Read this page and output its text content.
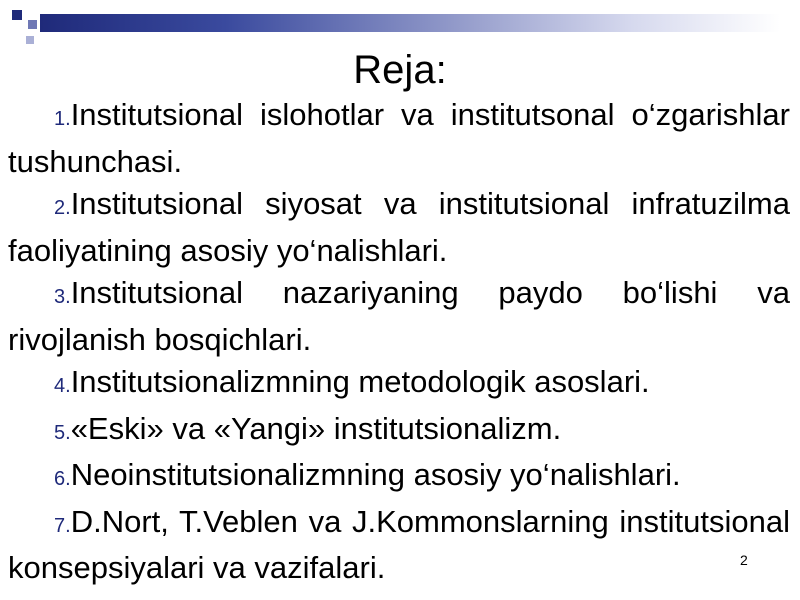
Reja:
1.Institutsional islohotlar va institutsonal o‘zgarishlar tushunchasi.
2.Institutsional siyosat va institutsional infratuzilma faoliyatining asosiy yo‘nalishlari.
3.Institutsional nazariyaning paydo bo‘lishi va rivojlanish bosqichlari.
4.Institutsionalizmning metodologik asoslari.
5.«Eski» va «Yangi» institutsionalizm.
6.Neoinstitutsionalizmning asosiy yo‘nalishlari.
7.D.Nort, T.Veblen va J.Kommonslarning institutsional konsepsiyalari va vazifalari.	2
